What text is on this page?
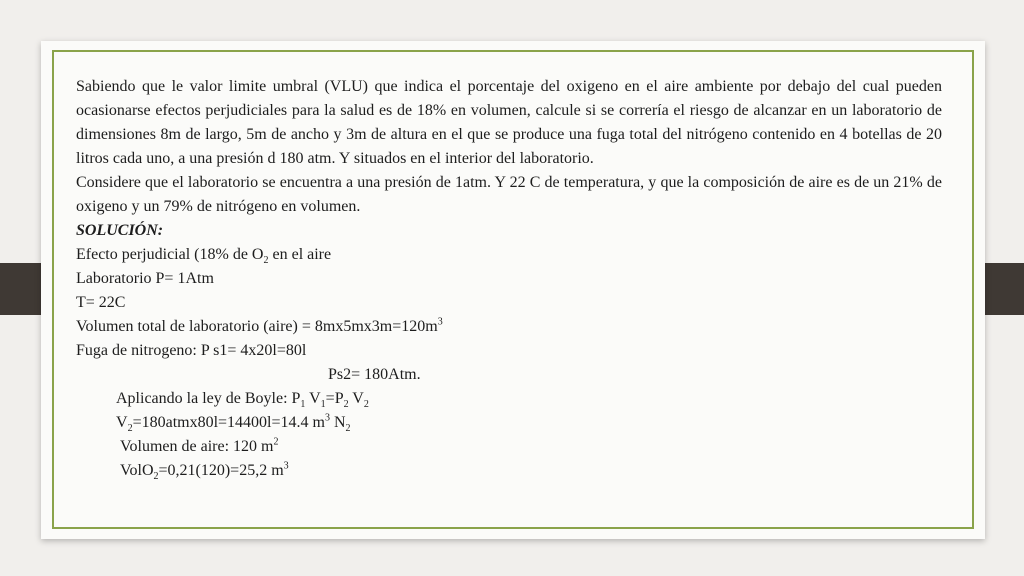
Sabiendo que le valor limite umbral (VLU) que indica el porcentaje del oxigeno en el aire ambiente por debajo del cual pueden ocasionarse efectos perjudiciales para la salud es de 18% en volumen, calcule si se correría el riesgo de alcanzar en un laboratorio de dimensiones 8m de largo, 5m de ancho y 3m de altura en el que se produce una fuga total del nitrógeno contenido en 4 botellas de 20 litros cada uno, a una presión d 180 atm. Y situados en el interior del laboratorio.

Considere que el laboratorio se encuentra a una presión de 1atm. Y 22 C de temperatura, y que la composición de aire es de un 21% de oxigeno y un 79% de nitrógeno en volumen.

SOLUCIÓN:

Efecto perjudicial (18% de $O_2$ en el aire

Laboratorio P= 1Atm

T= 22C

Volumen total de laboratorio (aire) = $8mx5mx3m=120m^3$

Fuga de nitrogeno: P s1= 4x20l=80l

Ps2= 180Atm.

Aplicando la ley de Boyle: $P_1$ $V_1=P_2$ $V_2$

$V_2=180atmx80l=14400l=14.4$ $m^3$ $N_2$

Volumen de aire: 120 $m^2$

VolO$_2$=0,21(120)=25,2 $m^3$
